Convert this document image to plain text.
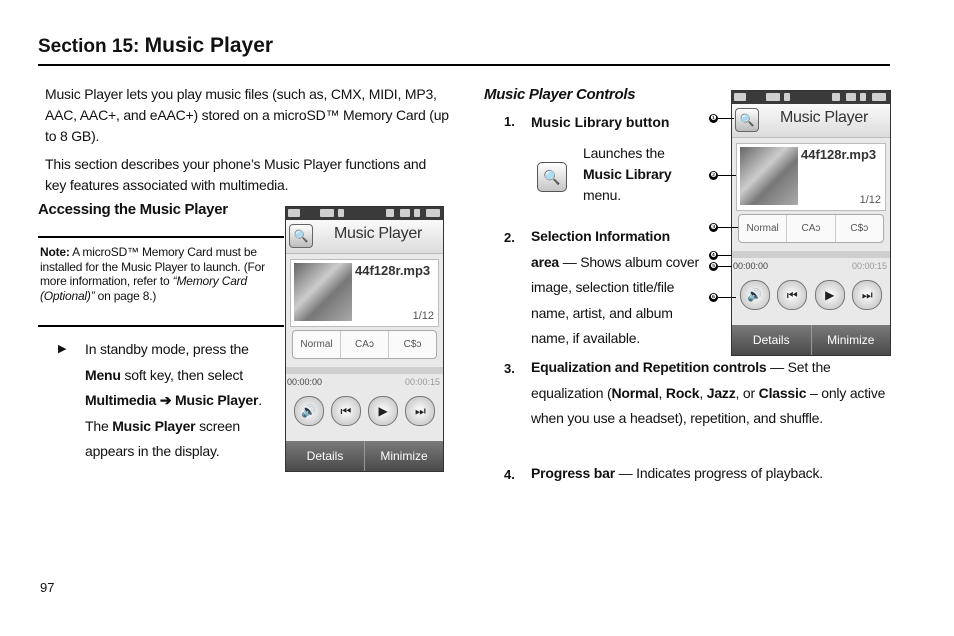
Section 15: Music Player
Music Player lets you play music files (such as, CMX, MIDI, MP3, AAC, AAC+, and eAAC+) stored on a microSD™ Memory Card (up to 8 GB).
This section describes your phone’s Music Player functions and key features associated with multimedia.
Accessing the Music Player
Note: A microSD™ Memory Card must be installed for the Music Player to launch. (For more information, refer to “Memory Card (Optional)” on page 8.)
▶ In standby mode, press the Menu soft key, then select Multimedia ➔ Music Player. The Music Player screen appears in the display.
🔍 Music Player
44f128r.mp3
1/12
Normal	CAↄ	C$ↄ
00:00:00	00:00:15
🔊	⏮	▶	⏭
Details	Minimize
Music Player Controls
1. Music Library button
🔍
Launches the Music Library menu.
2. Selection Information area — Shows album cover image, selection title/file name, artist, and album name, if available.
3. Equalization and Repetition controls — Set the equalization (Normal, Rock, Jazz, or Classic – only active when you use a headset), repetition, and shuffle.
4. Progress bar — Indicates progress of playback.
🔍 Music Player
44f128r.mp3
1/12
Normal	CAↄ	C$ↄ
00:00:00	00:00:15
🔊	⏮	▶	⏭
Details	Minimize
❶
❷
❸
❹
❺
❻
97
